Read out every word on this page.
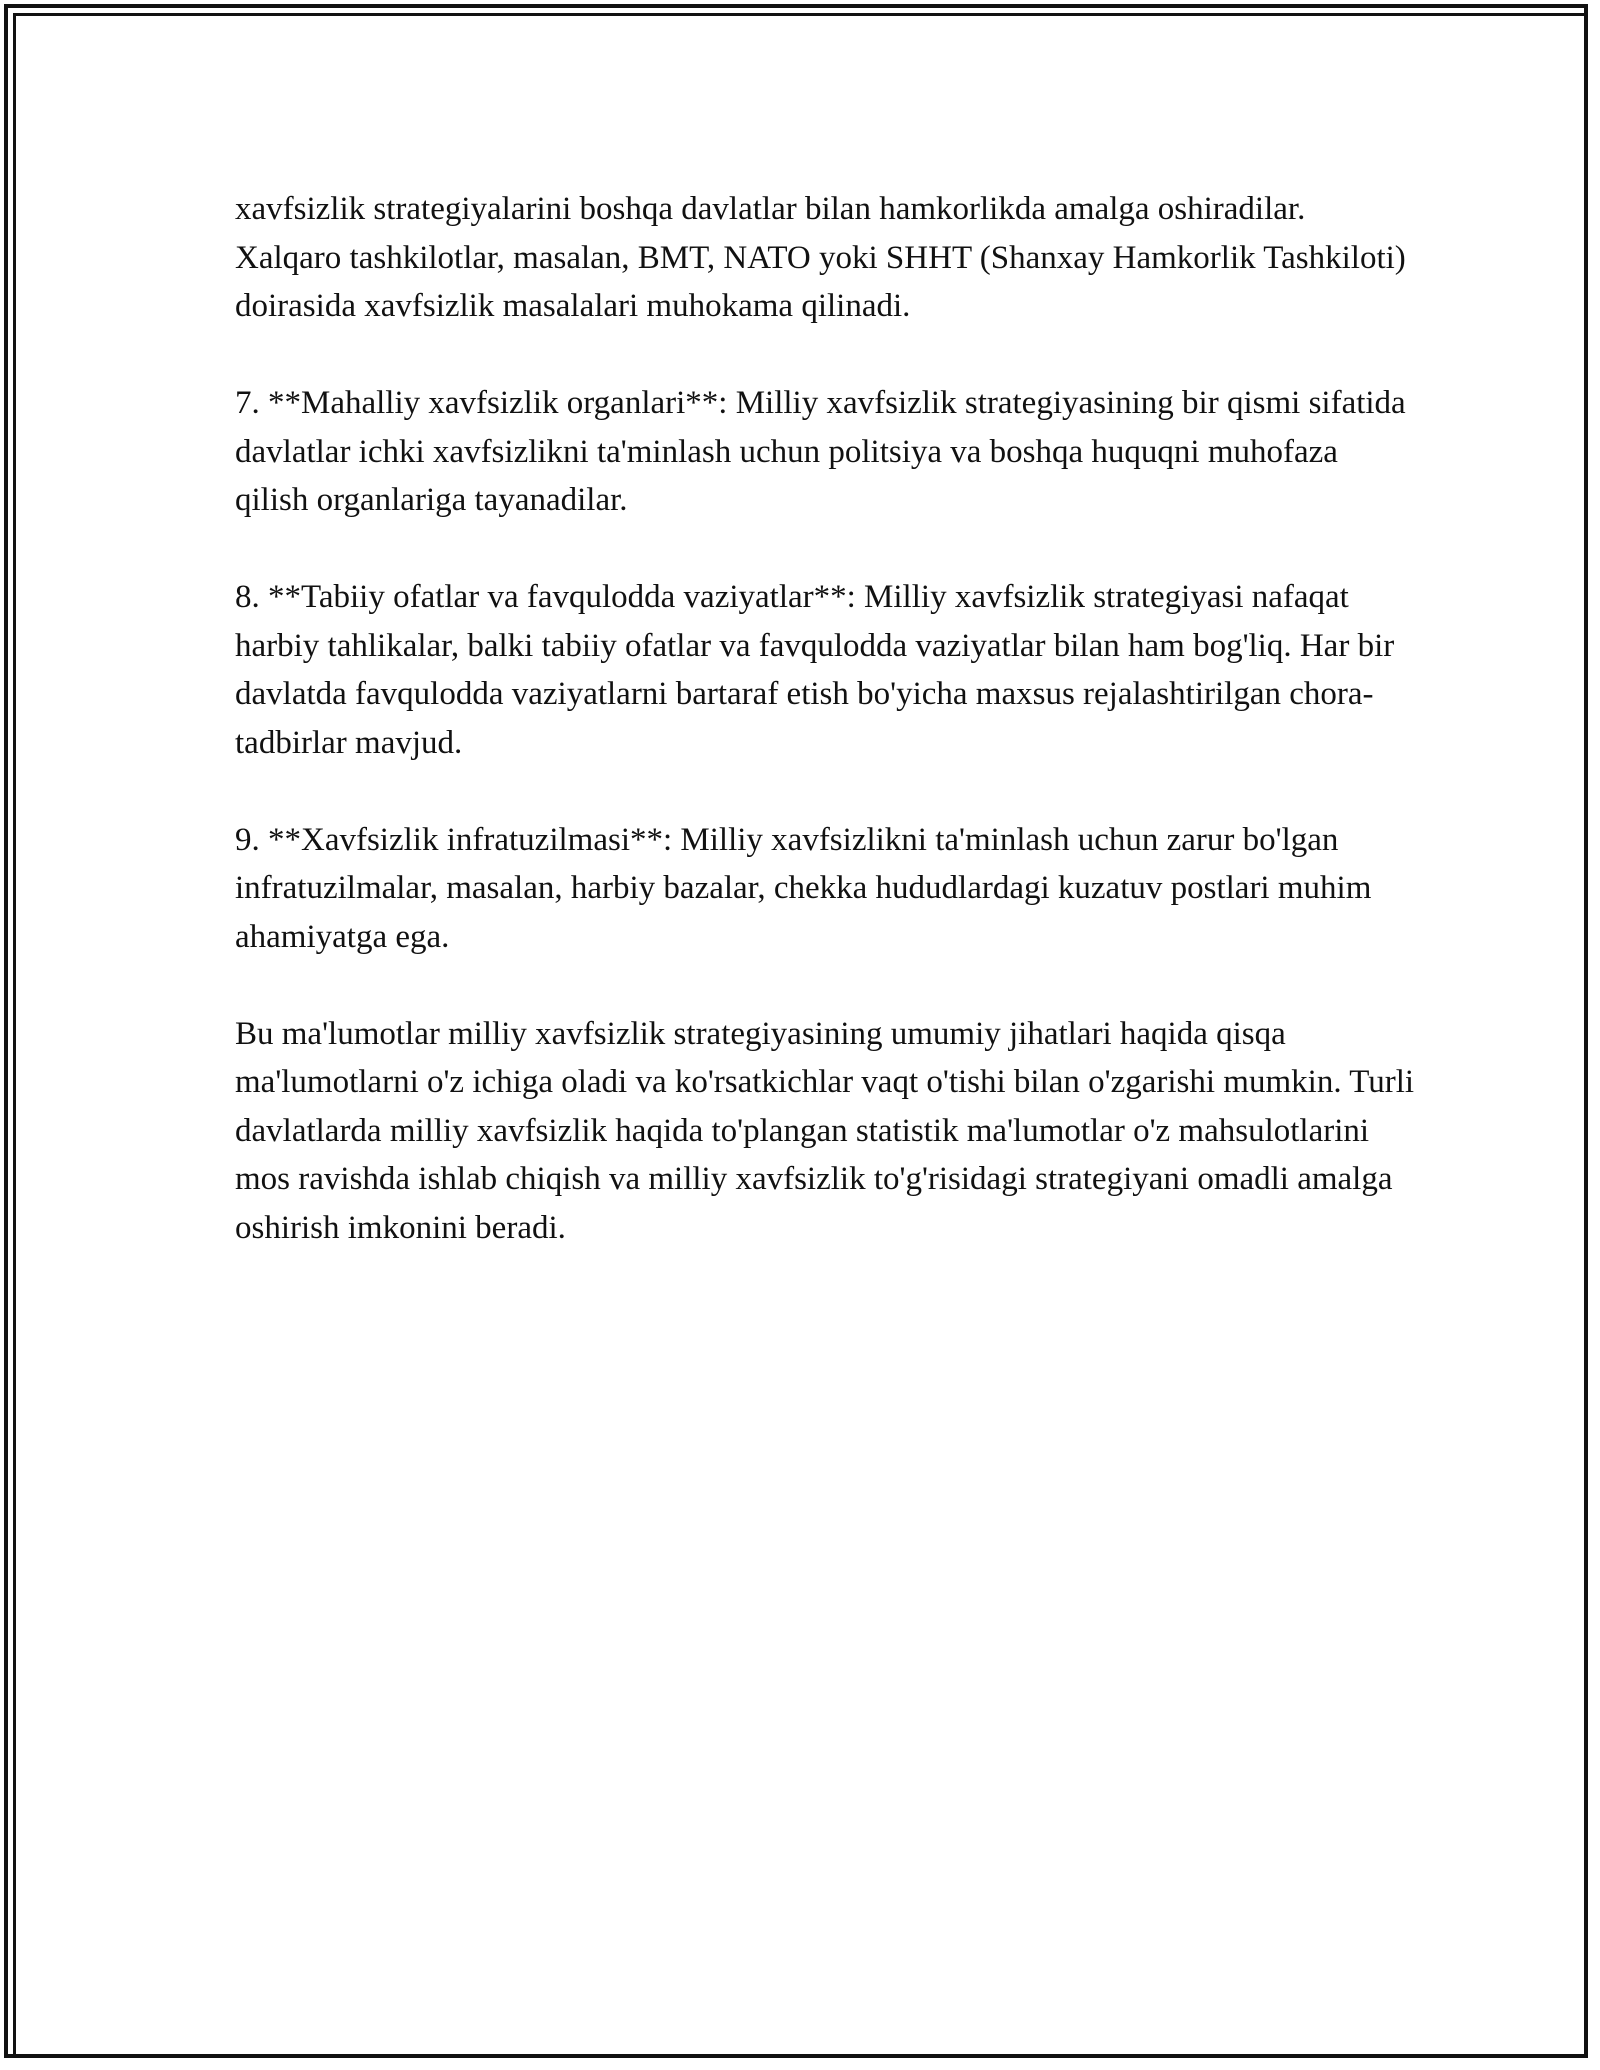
xavfsizlik strategiyalarini boshqa davlatlar bilan hamkorlikda amalga oshiradilar. Xalqaro tashkilotlar, masalan, BMT, NATO yoki SHHT (Shanxay Hamkorlik Tashkiloti) doirasida xavfsizlik masalalari muhokama qilinadi.

7. **Mahalliy xavfsizlik organlari**: Milliy xavfsizlik strategiyasining bir qismi sifatida davlatlar ichki xavfsizlikni ta'minlash uchun politsiya va boshqa huquqni muhofaza qilish organlariga tayanadilar.

8. **Tabiiy ofatlar va favqulodda vaziyatlar**: Milliy xavfsizlik strategiyasi nafaqat harbiy tahlikalar, balki tabiiy ofatlar va favqulodda vaziyatlar bilan ham bog'liq. Har bir davlatda favqulodda vaziyatlarni bartaraf etish bo'yicha maxsus rejalashtirilgan chora-tadbirlar mavjud.

9. **Xavfsizlik infratuzilmasi**: Milliy xavfsizlikni ta'minlash uchun zarur bo'lgan infratuzilmalar, masalan, harbiy bazalar, chekka hududlardagi kuzatuv postlari muhim ahamiyatga ega.

Bu ma'lumotlar milliy xavfsizlik strategiyasining umumiy jihatlari haqida qisqa ma'lumotlarni o'z ichiga oladi va ko'rsatkichlar vaqt o'tishi bilan o'zgarishi mumkin. Turli davlatlarda milliy xavfsizlik haqida to'plangan statistik ma'lumotlar o'z mahsulotlarini mos ravishda ishlab chiqish va milliy xavfsizlik to'g'risidagi strategiyani omadli amalga oshirish imkonini beradi.
